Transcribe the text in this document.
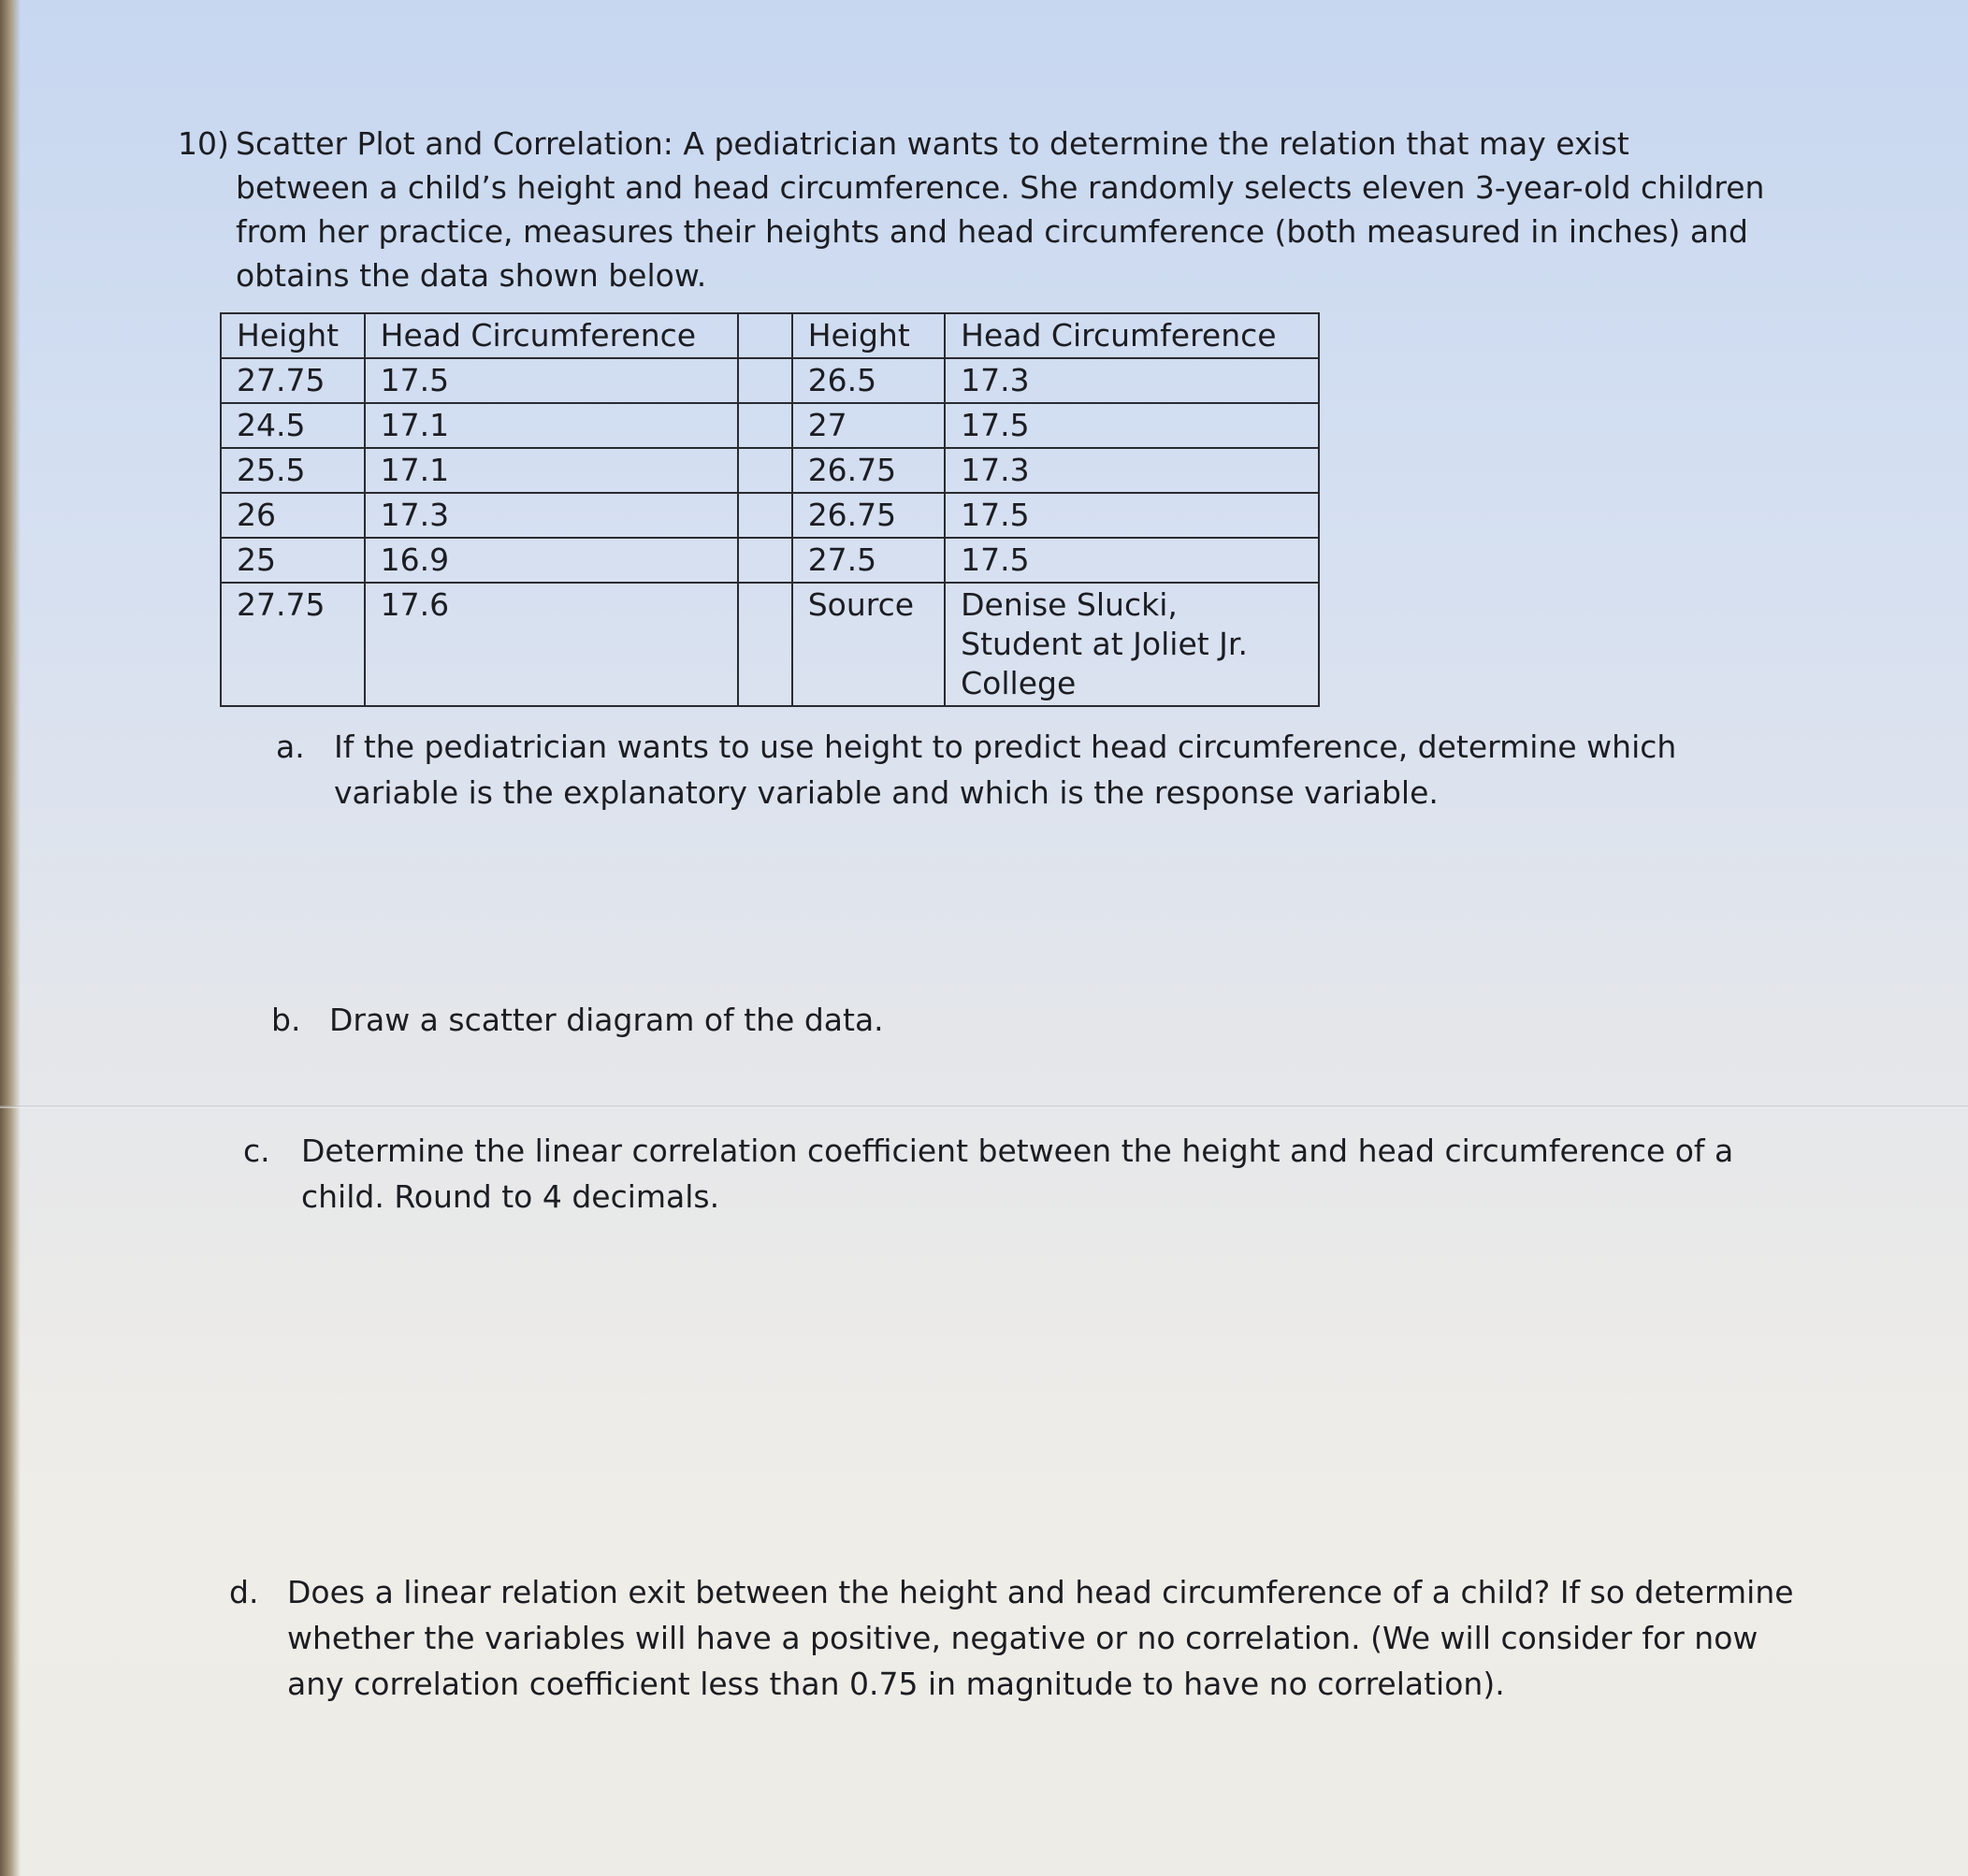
10) Scatter Plot and Correlation: A pediatrician wants to determine the relation that may exist between a child’s height and head circumference. She randomly selects eleven 3-year-old children from her practice, measures their heights and head circumference (both measured in inches) and obtains the data shown below.
Height	Head Circumference		Height	Head Circumference
27.75	17.5		26.5	17.3
24.5	17.1		27	17.5
25.5	17.1		26.75	17.3
26	17.3		26.75	17.5
25	16.9		27.5	17.5
27.75	17.6		Source	Denise Slucki, Student at Joliet Jr. College
a. If the pediatrician wants to use height to predict head circumference, determine which variable is the explanatory variable and which is the response variable.
b. Draw a scatter diagram of the data.
c. Determine the linear correlation coefficient between the height and head circumference of a child. Round to 4 decimals.
d. Does a linear relation exit between the height and head circumference of a child? If so determine whether the variables will have a positive, negative or no correlation. (We will consider for now any correlation coefficient less than 0.75 in magnitude to have no correlation).
